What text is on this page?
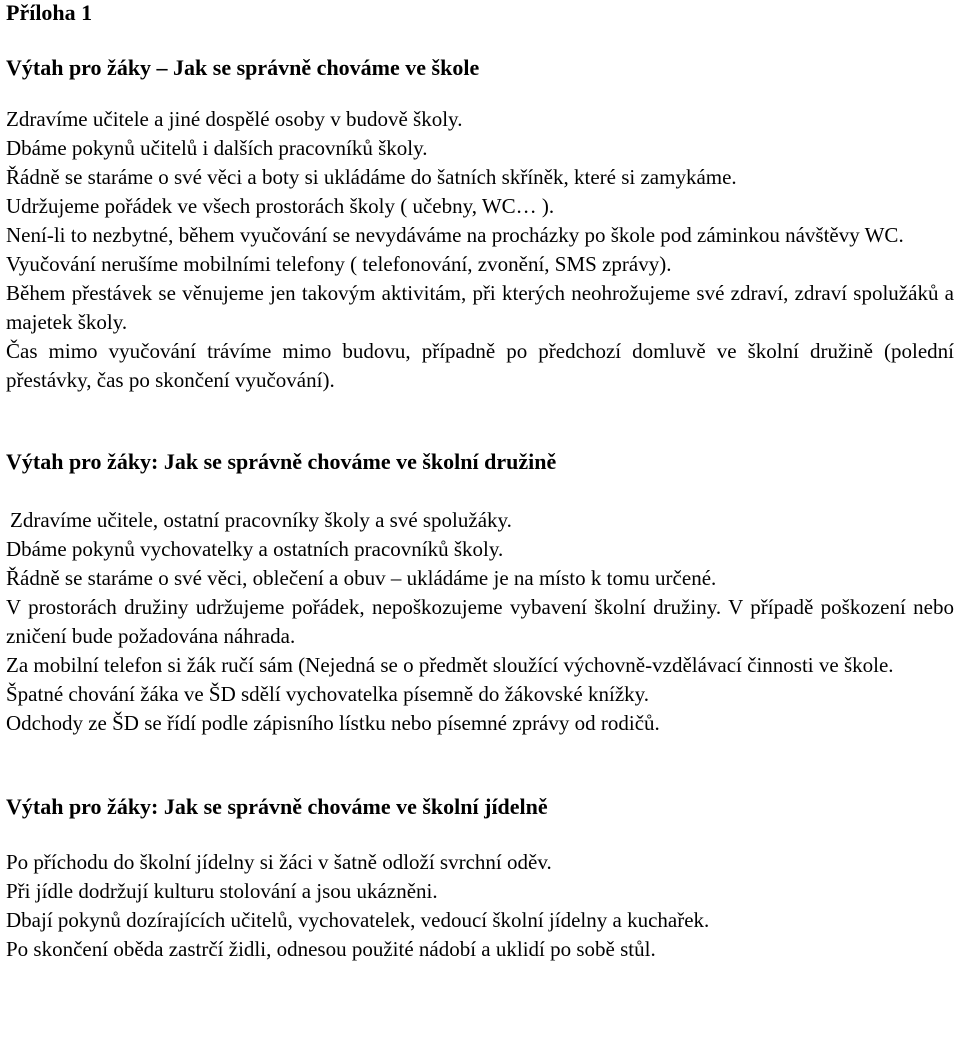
Příloha 1
Výtah pro žáky – Jak se správně chováme ve škole
Zdravíme učitele a jiné dospělé osoby v budově školy.
Dbáme pokynů učitelů i dalších pracovníků školy.
Řádně se staráme o své věci a boty si ukládáme do šatních skříněk, které si zamykáme.
Udržujeme pořádek ve všech prostorách školy ( učebny, WC… ).
Není-li to nezbytné, během vyučování se nevydáváme na procházky po škole pod záminkou návštěvy WC.
Vyučování nerušíme mobilními telefony ( telefonování, zvonění, SMS zprávy).
Během přestávek se věnujeme jen takovým aktivitám, při kterých neohrožujeme své zdraví, zdraví spolužáků a majetek školy.
Čas mimo vyučování trávíme mimo budovu, případně po předchozí domluvě ve školní družině (polední přestávky, čas po skončení vyučování).
Výtah pro žáky: Jak se správně chováme ve školní družině
Zdravíme učitele, ostatní pracovníky školy a své spolužáky.
Dbáme pokynů vychovatelky a ostatních pracovníků školy.
Řádně se staráme o své věci, oblečení a obuv – ukládáme je na místo k tomu určené.
V prostorách družiny udržujeme pořádek, nepoškozujeme vybavení školní družiny. V případě poškození nebo zničení bude požadována náhrada.
Za mobilní telefon si žák ručí sám (Nejedná se o předmět sloužící výchovně-vzdělávací činnosti ve škole.
Špatné chování žáka ve ŠD sdělí vychovatelka písemně do žákovské knížky.
Odchody ze ŠD se řídí podle zápisního lístku nebo písemné zprávy od rodičů.
Výtah pro žáky: Jak se správně chováme ve školní jídelně
Po příchodu do školní jídelny si žáci v šatně odloží svrchní oděv.
Při jídle dodržují kulturu stolování a jsou ukázněni.
Dbají pokynů dozírajících učitelů, vychovatelek, vedoucí školní jídelny a kuchařek.
Po skončení oběda zastrčí židli, odnesou použité nádobí a uklidí po sobě stůl.
